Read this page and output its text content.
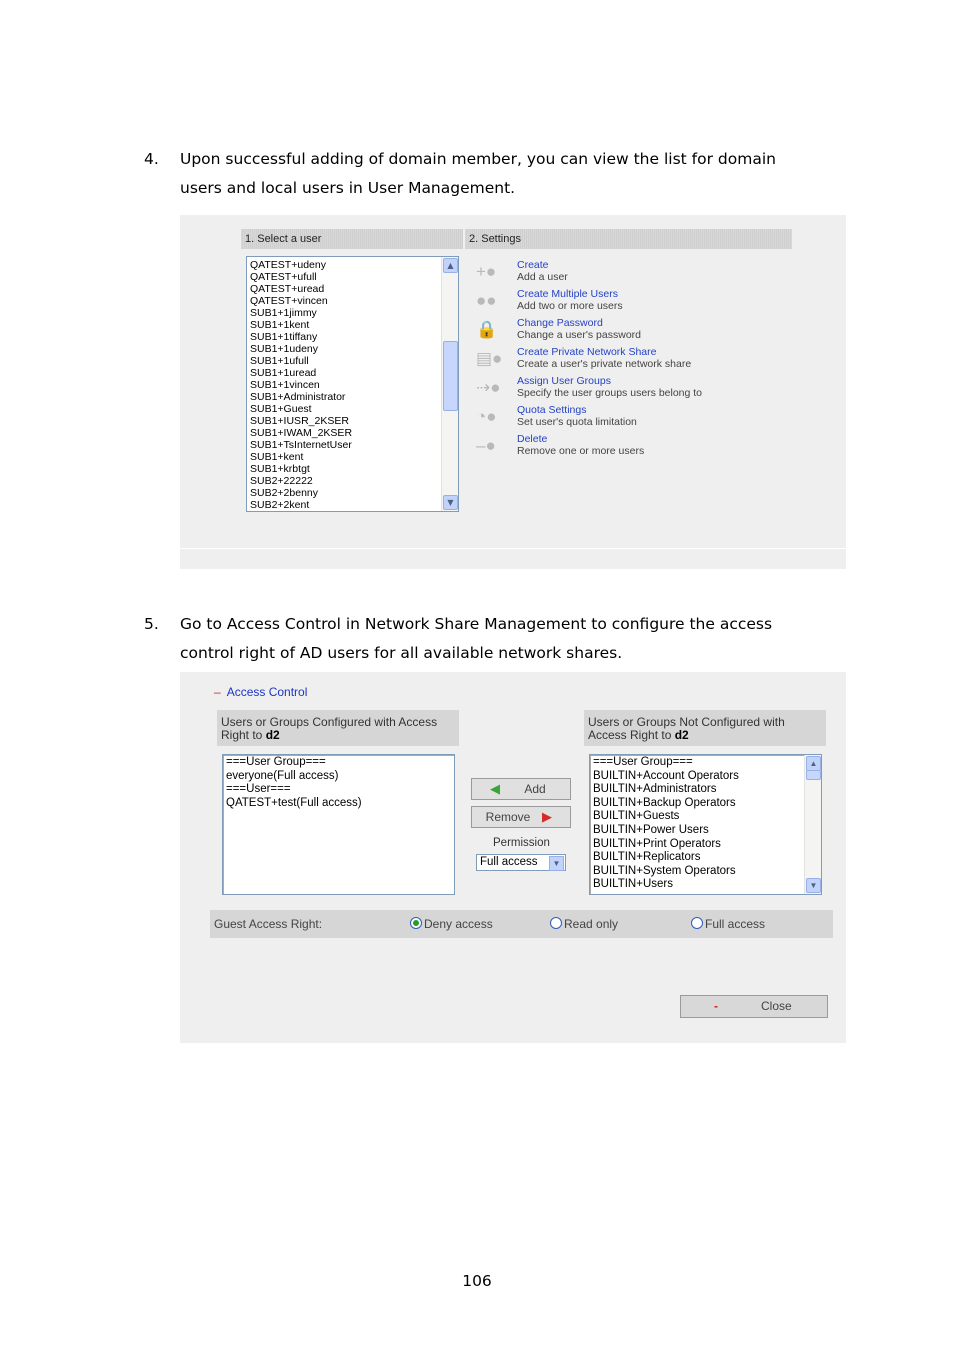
4. Upon successful adding of domain member, you can view the list for domain users and local users in User Management.
1. Select a user	2. Settings
QATEST+udeny
QATEST+ufull
QATEST+uread
QATEST+vincen
SUB1+1jimmy
SUB1+1kent
SUB1+1tiffany
SUB1+1udeny
SUB1+1ufull
SUB1+1uread
SUB1+1vincen
SUB1+Administrator
SUB1+Guest
SUB1+IUSR_2KSER
SUB1+IWAM_2KSER
SUB1+TsInternetUser
SUB1+kent
SUB1+krbtgt
SUB2+22222
SUB2+2benny
SUB2+2kent
▲
▼
+●	Create
Add a user
●●	Create Multiple Users
Add two or more users
🔒	Change Password
Change a user's password
▤●	Create Private Network Share
Create a user's private network share
⇢●	Assign User Groups
Specify the user groups users belong to
◔●	Quota Settings
Set user's quota limitation
–●	Delete
Remove one or more users
5. Go to Access Control in Network Share Management to configure the access control right of AD users for all available network shares.
– Access Control
Users or Groups Configured with Access Right to d2
Users or Groups Not Configured with Access Right to d2
===User Group===
everyone(Full access)
===User===
QATEST+test(Full access)
===User Group===
BUILTIN+Account Operators
BUILTIN+Administrators
BUILTIN+Backup Operators
BUILTIN+Guests
BUILTIN+Power Users
BUILTIN+Print Operators
BUILTIN+Replicators
BUILTIN+System Operators
BUILTIN+Users
▲
▼
◀ Add
Remove ▶
Permission
Full access	▼
Guest Access Right:	Deny access	Read only	Full access
-	Close
106
